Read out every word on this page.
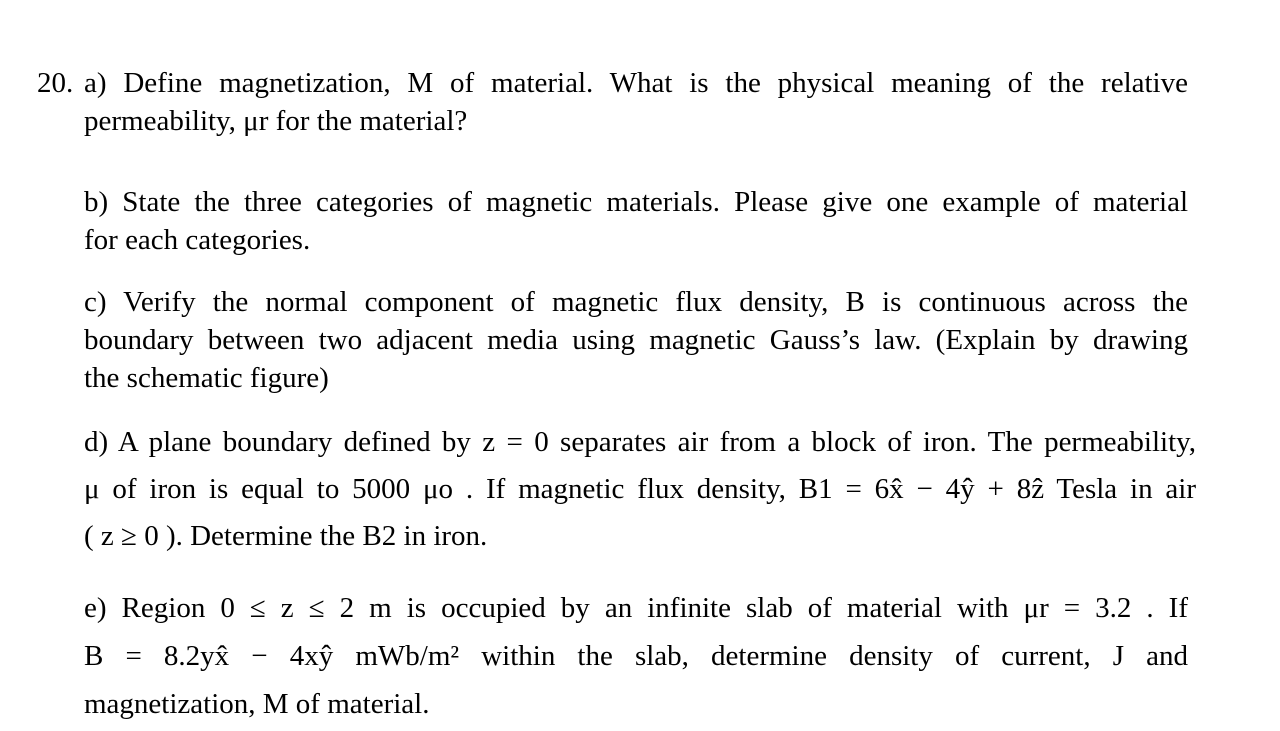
20. a) Define magnetization, M of material. What is the physical meaning of the relative
permeability, μr for the material?
b) State the three categories of magnetic materials. Please give one example of material
for each categories.
c) Verify the normal component of magnetic flux density, B is continuous across the
boundary between two adjacent media using magnetic Gauss’s law. (Explain by drawing
the schematic figure)
d) A plane boundary defined by z = 0 separates air from a block of iron. The permeability,
μ of iron is equal to 5000 μo . If magnetic flux density, B1 = 6x̂ − 4ŷ + 8ẑ Tesla in air
( z ≥ 0 ). Determine the B2 in iron.
e) Region 0 ≤ z ≤ 2 m is occupied by an infinite slab of material with μr = 3.2 . If
B = 8.2yx̂ − 4xŷ mWb/m² within the slab, determine density of current, J and
magnetization, M of material.
